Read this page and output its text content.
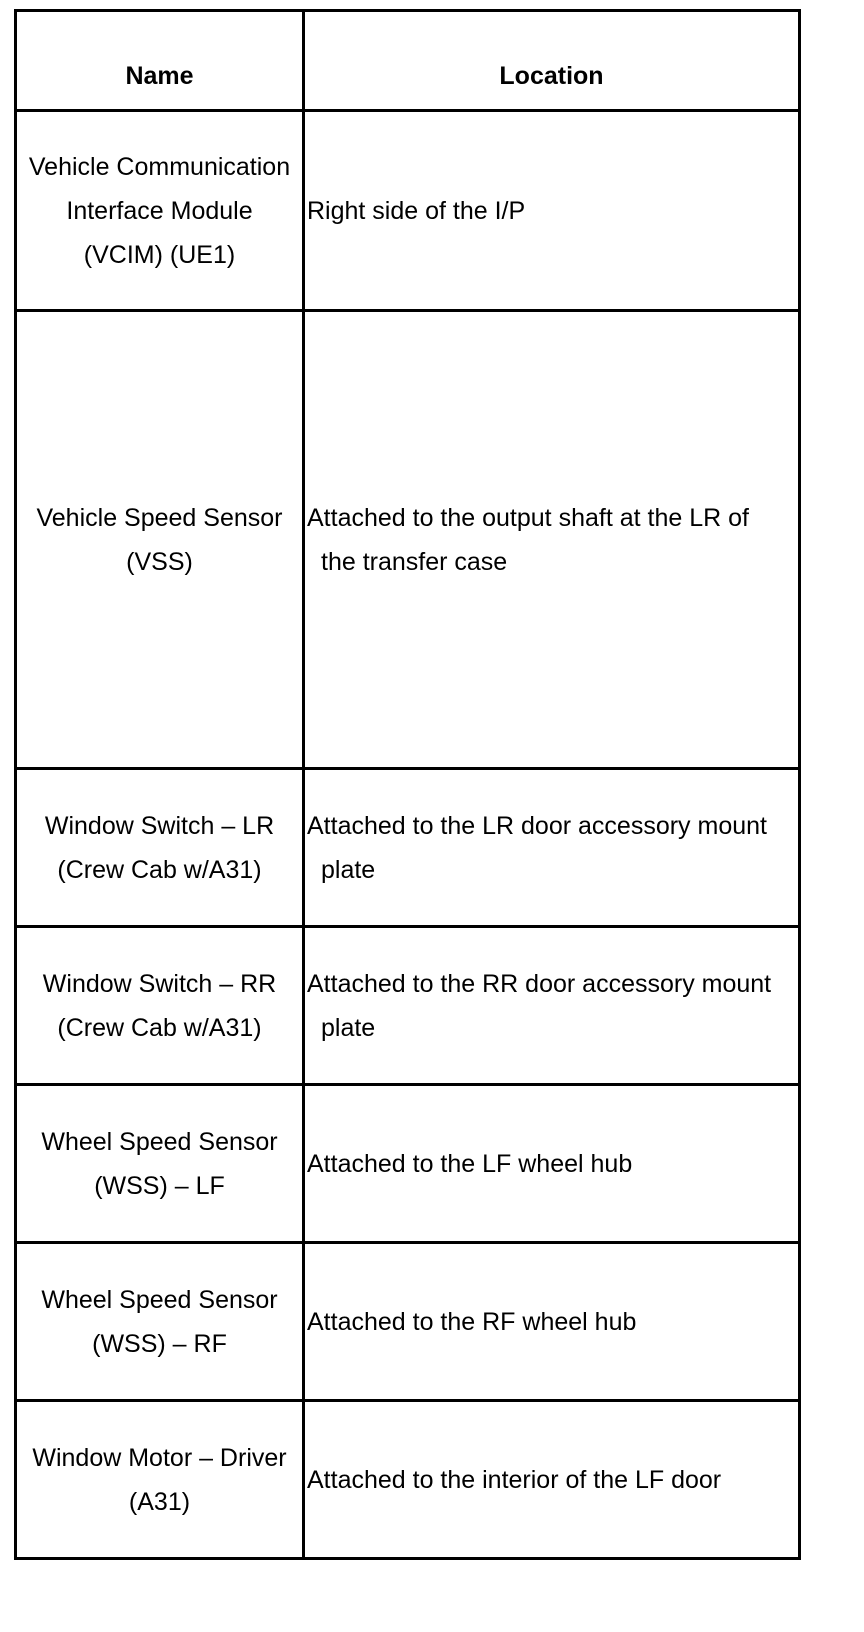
Name	Location

Vehicle Communication
Interface Module
(VCIM) (UE1)	Right side of the I/P

Vehicle Speed Sensor
(VSS)	Attached to the output shaft at the LR of
the transfer case

Window Switch – LR
(Crew Cab w/A31)	Attached to the LR door accessory mount
plate

Window Switch – RR
(Crew Cab w/A31)	Attached to the RR door accessory mount
plate

Wheel Speed Sensor
(WSS) – LF	Attached to the LF wheel hub

Wheel Speed Sensor
(WSS) – RF	Attached to the RF wheel hub

Window Motor – Driver
(A31)	Attached to the interior of the LF door
